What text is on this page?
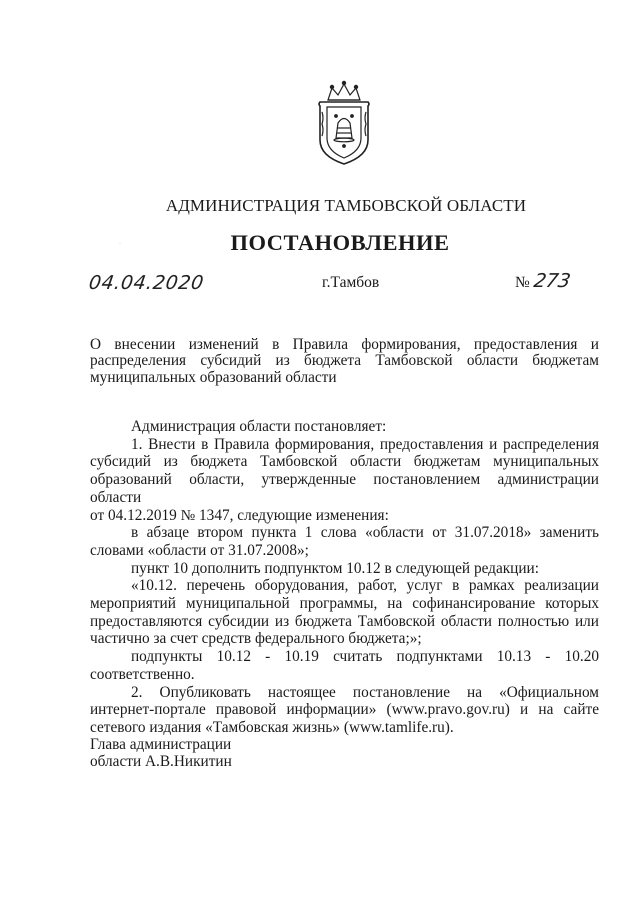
·
АДМИНИСТРАЦИЯ ТАМБОВСКОЙ ОБЛАСТИ
ПОСТАНОВЛЕНИЕ
04.04.2020	г.Тамбов	№ 273
О внесении изменений в Правила формирования, предоставления и
распределения субсидий из бюджета Тамбовской области бюджетам
муниципальных образований области
Администрация области постановляет:
1. Внести в Правила формирования, предоставления и распределения
субсидий из бюджета Тамбовской области бюджетам муниципальных
образований области, утвержденные постановлением администрации области
от 04.12.2019 № 1347, следующие изменения:
в абзаце втором пункта 1 слова «области от 31.07.2018» заменить
словами «области от 31.07.2008»;
пункт 10 дополнить подпунктом 10.12 в следующей редакции:
«10.12. перечень оборудования, работ, услуг в рамках реализации
мероприятий муниципальной программы, на софинансирование которых
предоставляются субсидии из бюджета Тамбовской области полностью или
частично за счет средств федерального бюджета;»;
подпункты 10.12 - 10.19 считать подпунктами 10.13 - 10.20
соответственно.
2. Опубликовать настоящее постановление на «Официальном
интернет-портале правовой информации» (www.pravo.gov.ru) и на сайте
сетевого издания «Тамбовская жизнь» (www.tamlife.ru).
Глава администрации
области А.В.Никитин
